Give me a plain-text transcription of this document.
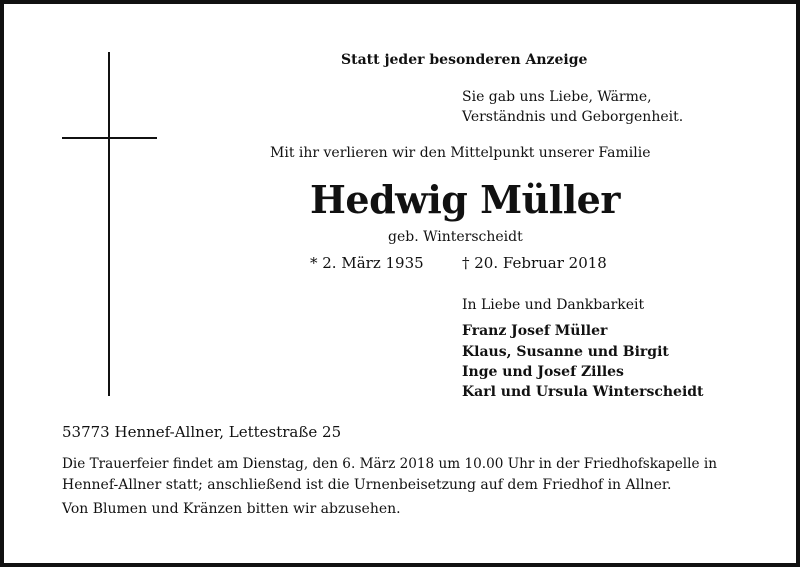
Statt jeder besonderen Anzeige
Sie gab uns Liebe, Wärme,
Verständnis und Geborgenheit.
Mit ihr verlieren wir den Mittelpunkt unserer Familie
Hedwig Müller
geb. Winterscheidt
* 2. März 1935	† 20. Februar 2018
In Liebe und Dankbarkeit
Franz Josef Müller
Klaus, Susanne und Birgit
Inge und Josef Zilles
Karl und Ursula Winterscheidt
53773 Hennef-Allner, Lettestraße 25
Die Trauerfeier findet am Dienstag, den 6. März 2018 um 10.00 Uhr in der Friedhofskapelle in
Hennef-Allner statt; anschließend ist die Urnenbeisetzung auf dem Friedhof in Allner.
Von Blumen und Kränzen bitten wir abzusehen.
